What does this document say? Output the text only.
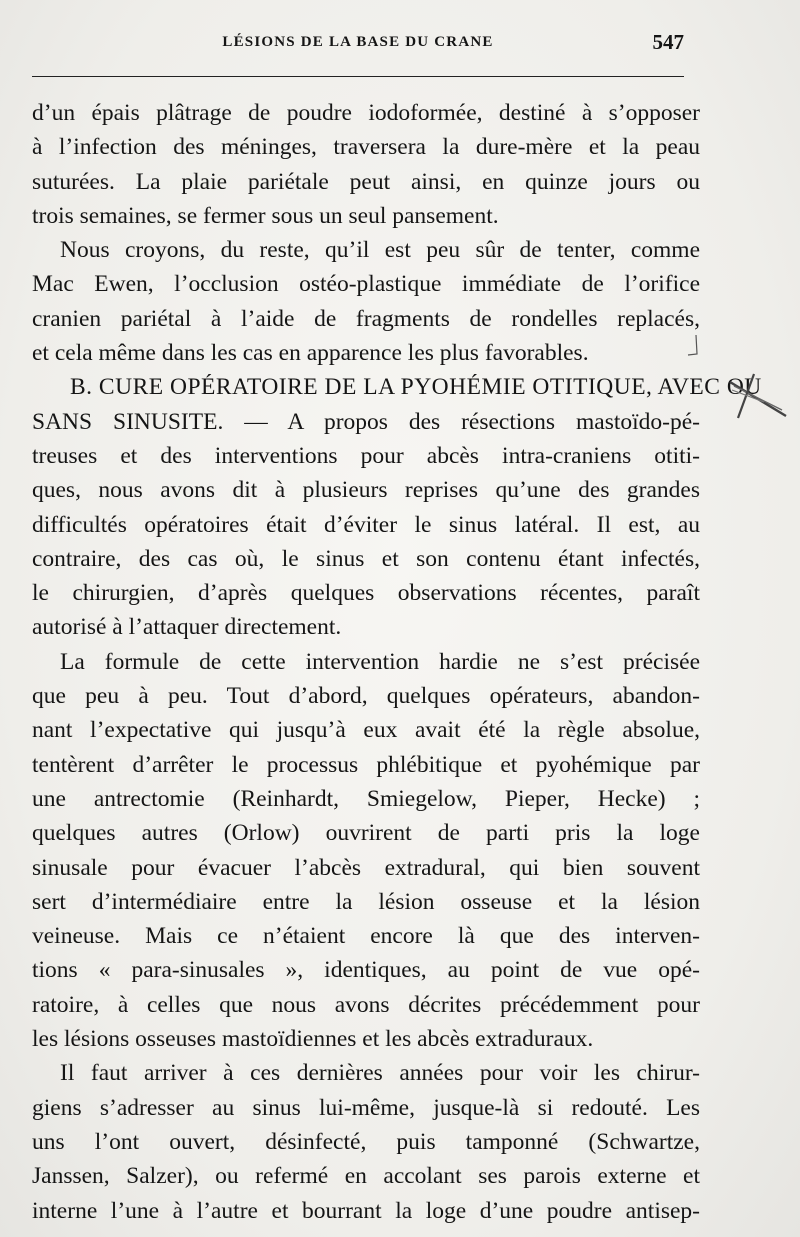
LÉSIONS DE LA BASE DU CRANE	547
d’un épais plâtrage de poudre iodoformée, destiné à s’opposer
à l’infection des méninges, traversera la dure-mère et la peau
suturées. La plaie pariétale peut ainsi, en quinze jours ou
trois semaines, se fermer sous un seul pansement.
Nous croyons, du reste, qu’il est peu sûr de tenter, comme
Mac Ewen, l’occlusion ostéo-plastique immédiate de l’orifice
cranien pariétal à l’aide de fragments de rondelles replacés,
et cela même dans les cas en apparence les plus favorables.
B. CURE OPÉRATOIRE DE LA PYOHÉMIE OTITIQUE, AVEC OU
SANS SINUSITE. — A propos des résections mastoïdo-pé-
treuses et des interventions pour abcès intra-craniens otiti-
ques, nous avons dit à plusieurs reprises qu’une des grandes
difficultés opératoires était d’éviter le sinus latéral. Il est, au
contraire, des cas où, le sinus et son contenu étant infectés,
le chirurgien, d’après quelques observations récentes, paraît
autorisé à l’attaquer directement.
La formule de cette intervention hardie ne s’est précisée
que peu à peu. Tout d’abord, quelques opérateurs, abandon-
nant l’expectative qui jusqu’à eux avait été la règle absolue,
tentèrent d’arrêter le processus phlébitique et pyohémique par
une antrectomie (Reinhardt, Smiegelow, Pieper, Hecke) ;
quelques autres (Orlow) ouvrirent de parti pris la loge
sinusale pour évacuer l’abcès extradural, qui bien souvent
sert d’intermédiaire entre la lésion osseuse et la lésion
veineuse. Mais ce n’étaient encore là que des interven-
tions « para-sinusales », identiques, au point de vue opé-
ratoire, à celles que nous avons décrites précédemment pour
les lésions osseuses mastoïdiennes et les abcès extraduraux.
Il faut arriver à ces dernières années pour voir les chirur-
giens s’adresser au sinus lui-même, jusque-là si redouté. Les
uns l’ont ouvert, désinfecté, puis tamponné (Schwartze,
Janssen, Salzer), ou refermé en accolant ses parois externe et
interne l’une à l’autre et bourrant la loge d’une poudre antisep-
